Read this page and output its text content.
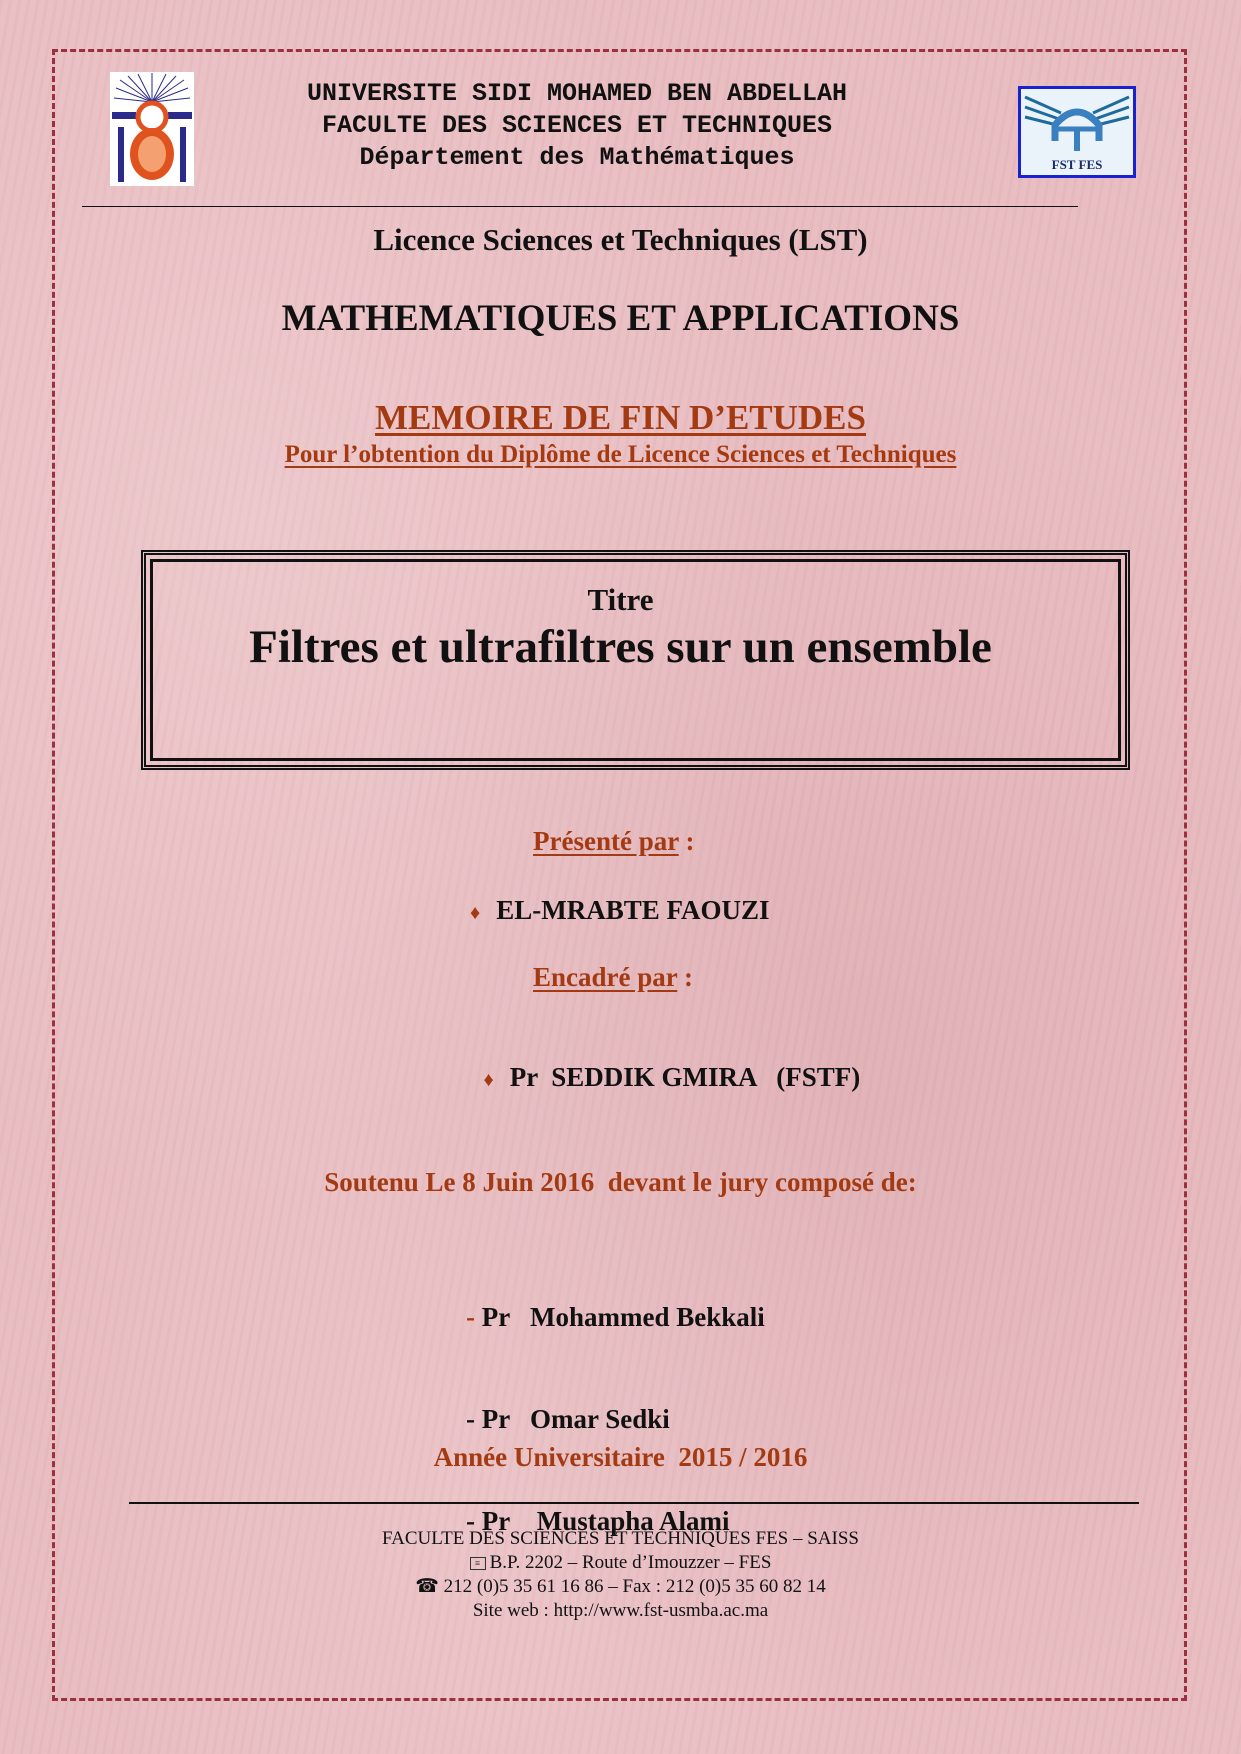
UNIVERSITE SIDI MOHAMED BEN ABDELLAH
FACULTE DES SCIENCES ET TECHNIQUES
Département des Mathématiques	FST FES
Licence Sciences et Techniques (LST)
MATHEMATIQUES ET APPLICATIONS
MEMOIRE DE FIN D’ETUDES
Pour l’obtention du Diplôme de Licence Sciences et Techniques
Titre
Filtres et ultrafiltres sur un ensemble
Présenté par :
♦ EL-MRABTE FAOUZI
Encadré par :

♦ Pr  SEDDIK GMIRA   (FSTF)

Soutenu Le 8 Juin 2016  devant le jury composé de:

- Pr   Mohammed Bekkali

- Pr   Omar Sedki

- Pr    Mustapha Alami

Année Universitaire  2015 / 2016
FACULTE DES SCIENCES ET TECHNIQUES FES – SAISS
≡ B.P. 2202 – Route d’Imouzzer – FES
☎ 212 (0)5 35 61 16 86 – Fax : 212 (0)5 35 60 82 14
Site web : http://www.fst-usmba.ac.ma
